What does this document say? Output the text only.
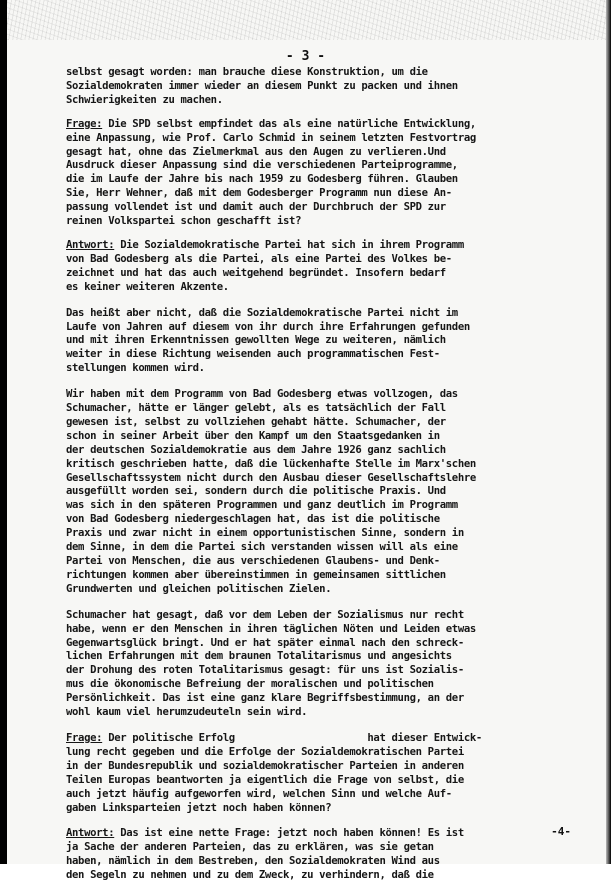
- 3 -
selbst gesagt worden: man brauche diese Konstruktion, um die
Sozialdemokraten immer wieder an diesem Punkt zu packen und ihnen
Schwierigkeiten zu machen.
Frage: Die SPD selbst empfindet das als eine natürliche Entwicklung,
eine Anpassung, wie Prof. Carlo Schmid in seinem letzten Festvortrag
gesagt hat, ohne das Zielmerkmal aus den Augen zu verlieren.Und
Ausdruck dieser Anpassung sind die verschiedenen Parteiprogramme,
die im Laufe der Jahre bis nach 1959 zu Godesberg führen. Glauben
Sie, Herr Wehner, daß mit dem Godesberger Programm nun diese An-
passung vollendet ist und damit auch der Durchbruch der SPD zur
reinen Volkspartei schon geschafft ist?
Antwort: Die Sozialdemokratische Partei hat sich in ihrem Programm
von Bad Godesberg als die Partei, als eine Partei des Volkes be-
zeichnet und hat das auch weitgehend begründet. Insofern bedarf
es keiner weiteren Akzente.
Das heißt aber nicht, daß die Sozialdemokratische Partei nicht im
Laufe von Jahren auf diesem von ihr durch ihre Erfahrungen gefunden
und mit ihren Erkenntnissen gewollten Wege zu weiteren, nämlich
weiter in diese Richtung weisenden auch programmatischen Fest-
stellungen kommen wird.
Wir haben mit dem Programm von Bad Godesberg etwas vollzogen, das
Schumacher, hätte er länger gelebt, als es tatsächlich der Fall
gewesen ist, selbst zu vollziehen gehabt hätte. Schumacher, der
schon in seiner Arbeit über den Kampf um den Staatsgedanken in
der deutschen Sozialdemokratie aus dem Jahre 1926 ganz sachlich
kritisch geschrieben hatte, daß die lückenhafte Stelle im Marx'schen
Gesellschaftssystem nicht durch den Ausbau dieser Gesellschaftslehre
ausgefüllt worden sei, sondern durch die politische Praxis. Und
was sich in den späteren Programmen und ganz deutlich im Programm
von Bad Godesberg niedergeschlagen hat, das ist die politische
Praxis und zwar nicht in einem opportunistischen Sinne, sondern in
dem Sinne, in dem die Partei sich verstanden wissen will als eine
Partei von Menschen, die aus verschiedenen Glaubens- und Denk-
richtungen kommen aber übereinstimmen in gemeinsamen sittlichen
Grundwerten und gleichen politischen Zielen.
Schumacher hat gesagt, daß vor dem Leben der Sozialismus nur recht
habe, wenn er den Menschen in ihren täglichen Nöten und Leiden etwas
Gegenwartsglück bringt. Und er hat später einmal nach den schreck-
lichen Erfahrungen mit dem braunen Totalitarismus und angesichts
der Drohung des roten Totalitarismus gesagt: für uns ist Sozialis-
mus die ökonomische Befreiung der moralischen und politischen
Persönlichkeit. Das ist eine ganz klare Begriffsbestimmung, an der
wohl kaum viel herumzudeuteln sein wird.
Frage: Der politische Erfolg                      hat dieser Entwick-
lung recht gegeben und die Erfolge der Sozialdemokratischen Partei
in der Bundesrepublik und sozialdemokratischer Parteien in anderen
Teilen Europas beantworten ja eigentlich die Frage von selbst, die
auch jetzt häufig aufgeworfen wird, welchen Sinn und welche Auf-
gaben Linksparteien jetzt noch haben können?
Antwort: Das ist eine nette Frage: jetzt noch haben können! Es ist
ja Sache der anderen Parteien, das zu erklären, was sie getan
haben, nämlich in dem Bestreben, den Sozialdemokraten Wind aus
den Segeln zu nehmen und zu dem Zweck, zu verhindern, daß die
-4-
